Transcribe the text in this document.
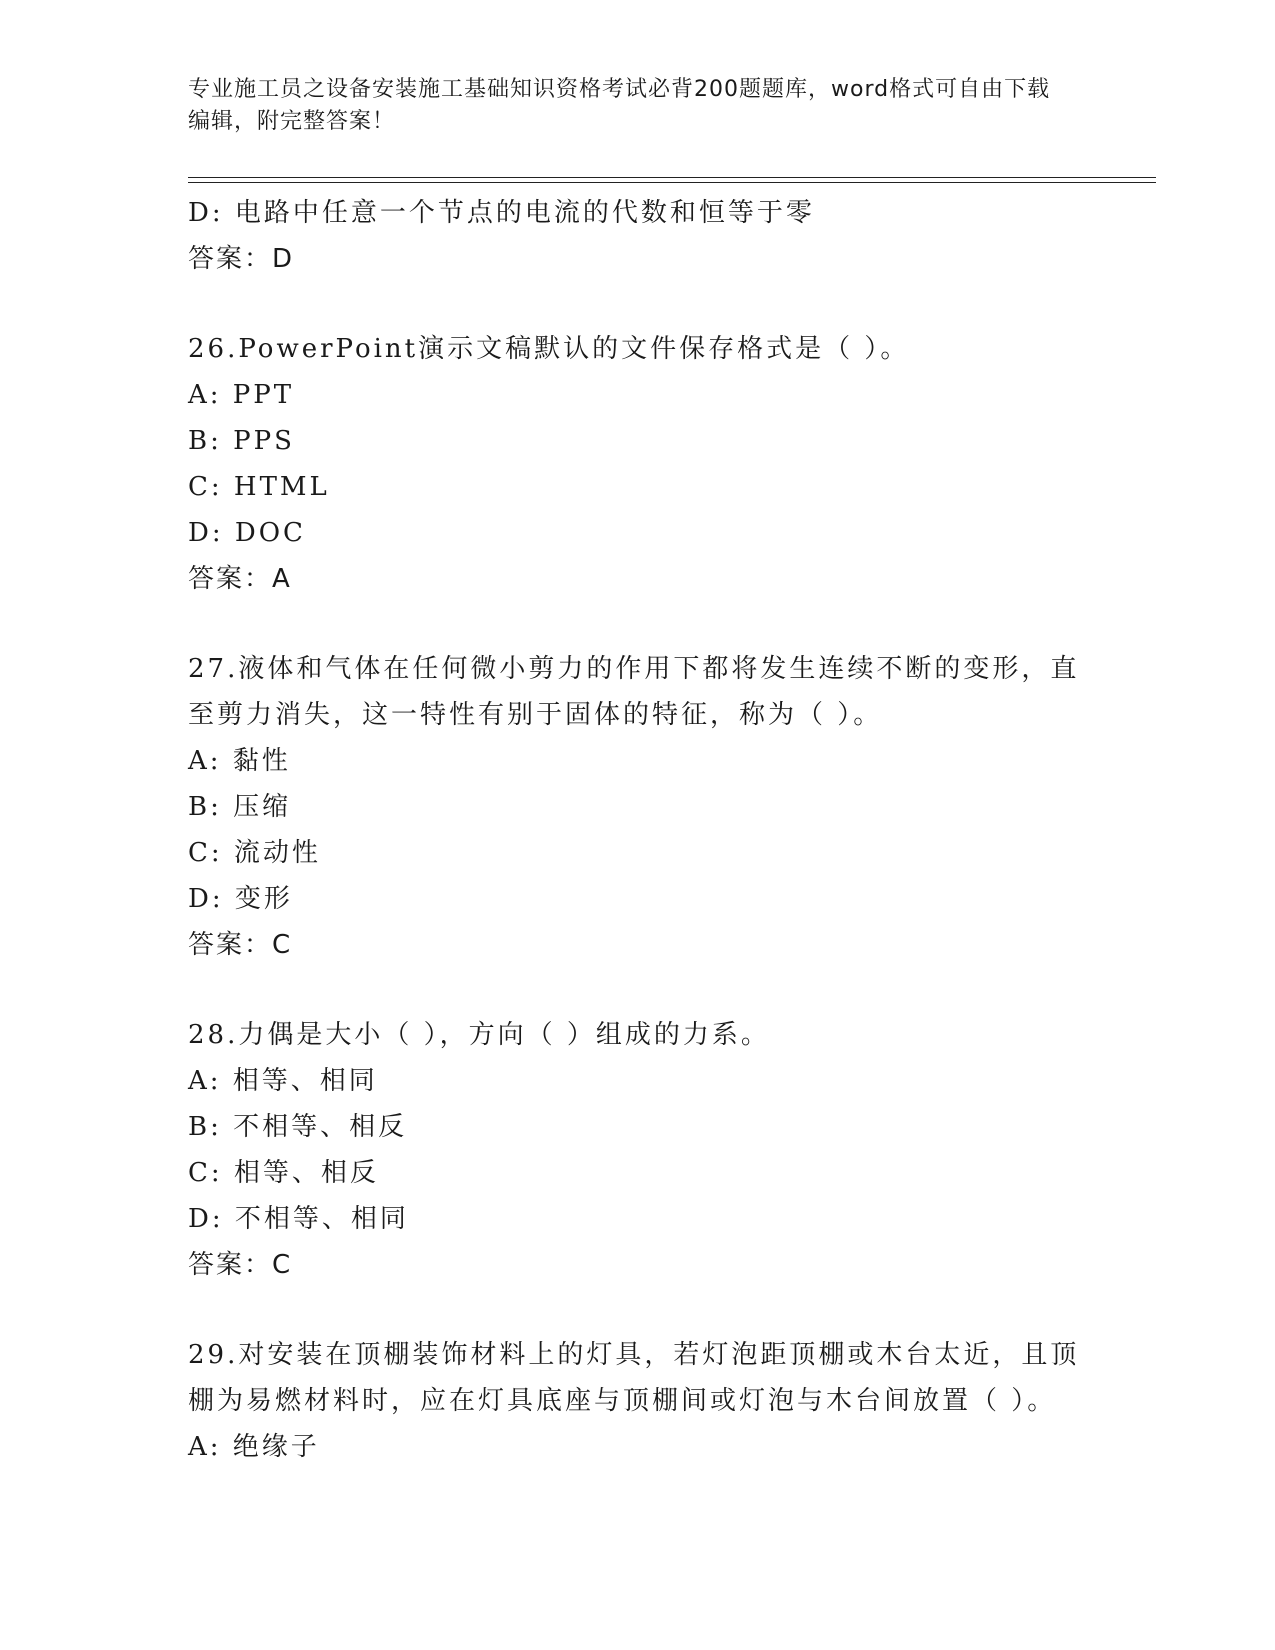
专业施工员之设备安装施工基础知识资格考试必背200题题库，word格式可自由下载编辑，附完整答案！
D: 电路中任意一个节点的电流的代数和恒等于零
答案：D
26.PowerPoint演示文稿默认的文件保存格式是（ ）。
A: PPT
B: PPS
C: HTML
D: DOC
答案：A
27.液体和气体在任何微小剪力的作用下都将发生连续不断的变形，直
至剪力消失，这一特性有别于固体的特征，称为（ ）。
A: 黏性
B: 压缩
C: 流动性
D: 变形
答案：C
28.力偶是大小（ ），方向（ ）组成的力系。
A: 相等、相同
B: 不相等、相反
C: 相等、相反
D: 不相等、相同
答案：C
29.对安装在顶棚装饰材料上的灯具，若灯泡距顶棚或木台太近，且顶
棚为易燃材料时，应在灯具底座与顶棚间或灯泡与木台间放置（ ）。
A: 绝缘子
